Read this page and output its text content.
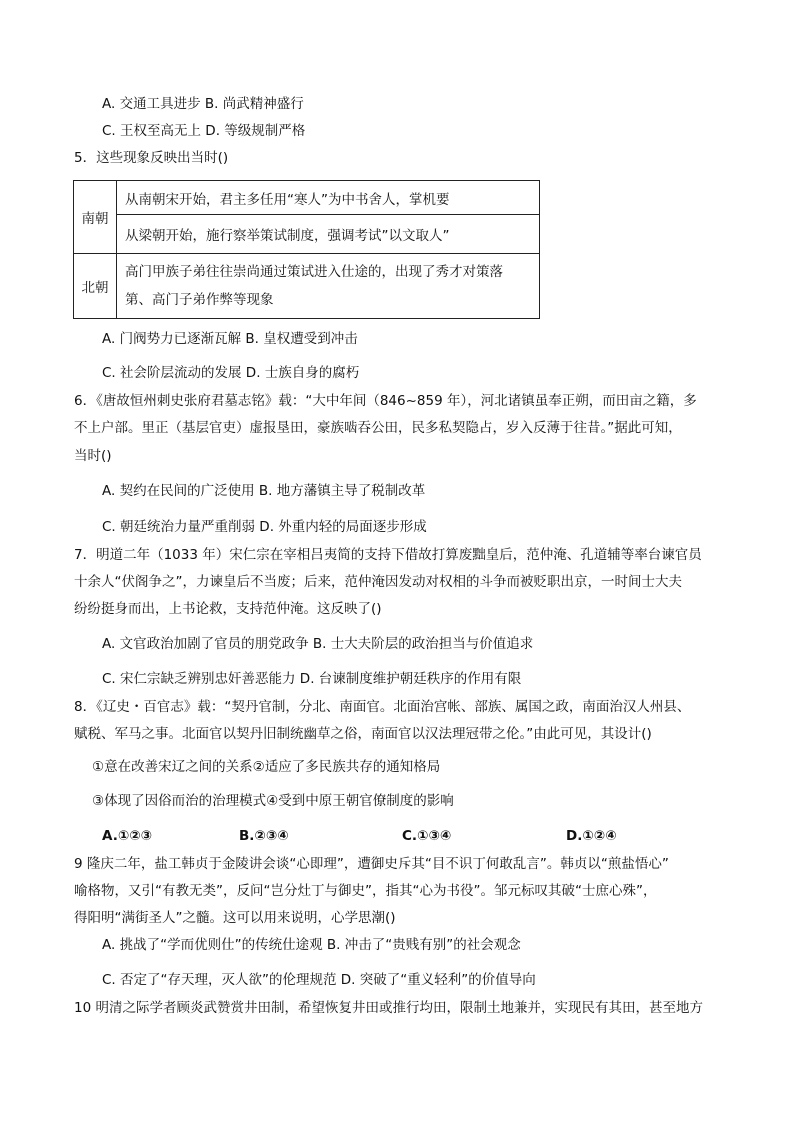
A. 交通工具进步 B. 尚武精神盛行
C. 王权至高无上 D. 等级规制严格
5．这些现象反映出当时()
南朝	从南朝宋开始，君主多任用“寒人”为中书舍人，掌机要
	从梁朝开始，施行察举策试制度，强调考试”以文取人”
北朝	高门甲族子弟往往崇尚通过策试进入仕途的，出现了秀才对策落
第、高门子弟作弊等现象
A. 门阀势力已逐渐瓦解 B. 皇权遭受到冲击
C. 社会阶层流动的发展 D. 士族自身的腐朽
6．《唐故恒州刺史张府君墓志铭》载：“大中年间（846~859 年），河北诸镇虽奉正朔，而田亩之籍，多
不上户部。里正（基层官吏）虚报垦田，豪族啮吞公田，民多私契隐占，岁入反薄于往昔。”据此可知，
当时()
A. 契约在民间的广泛使用 B. 地方藩镇主导了税制改革
C. 朝廷统治力量严重削弱 D. 外重内轻的局面逐步形成
7．明道二年（1033 年）宋仁宗在宰相吕夷简的支持下借故打算废黜皇后，范仲淹、孔道辅等率台谏官员
十余人“伏阁争之”，力谏皇后不当废；后来，范仲淹因发动对权相的斗争而被贬职出京，一时间士大夫
纷纷挺身而出，上书论救，支持范仲淹。这反映了()
A. 文官政治加剧了官员的朋党政争 B. 士大夫阶层的政治担当与价值追求
C. 宋仁宗缺乏辨别忠奸善恶能力 D. 台谏制度维护朝廷秩序的作用有限
8．《辽史・百官志》载：“契丹官制，分北、南面官。北面治宫帐、部族、属国之政，南面治汉人州县、
赋税、军马之事。北面官以契丹旧制统幽草之俗，南面官以汉法理冠带之伦。”由此可见，其设计()
①意在改善宋辽之间的关系②适应了多民族共存的通知格局
③体现了因俗而治的治理模式④受到中原王朝官僚制度的影响
A.①②③	B.②③④	C.①③④	D.①②④
9 隆庆二年，盐工韩贞于金陵讲会谈“心即理”，遭御史斥其“目不识丁何敢乱言”。韩贞以“煎盐悟心”
喻格物，又引“有教无类”，反问“岂分灶丁与御史”，指其“心为书役”。邹元标叹其破“士庶心殊”，
得阳明“满街圣人”之髓。这可以用来说明，心学思潮()
A. 挑战了“学而优则仕”的传统仕途观 B. 冲击了“贵贱有别”的社会观念
C. 否定了“存天理，灭人欲”的伦理规范 D. 突破了“重义轻利”的价值导向
10 明清之际学者顾炎武赞赏井田制，希望恢复井田或推行均田，限制土地兼并，实现民有其田，甚至地方
